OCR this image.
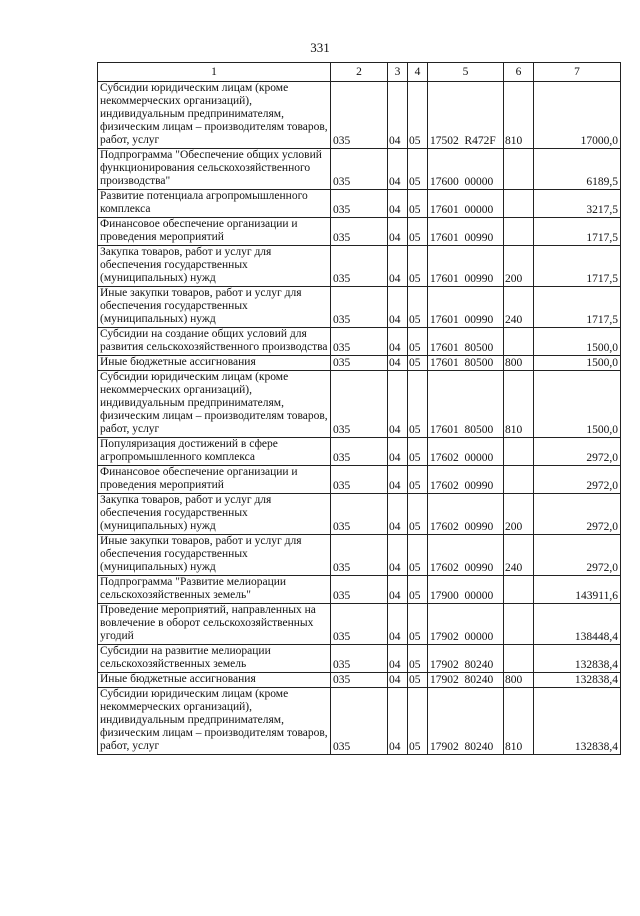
331
1	2	3	4	5	6	7
Субсидии юридическим лицам (кроме некоммерческих организаций), индивидуальным предпринимателям, физическим лицам – производителям товаров, работ, услуг	035	04	05	17502 R472F	810	17000,0
Подпрограмма "Обеспечение общих условий функционирования сельскохозяйственного производства"	035	04	05	17600 00000		6189,5
Развитие потенциала агропромышленного комплекса	035	04	05	17601 00000		3217,5
Финансовое обеспечение организации и проведения мероприятий	035	04	05	17601 00990		1717,5
Закупка товаров, работ и услуг для обеспечения государственных (муниципальных) нужд	035	04	05	17601 00990	200	1717,5
Иные закупки товаров, работ и услуг для обеспечения государственных (муниципальных) нужд	035	04	05	17601 00990	240	1717,5
Субсидии на создание общих условий для развития сельскохозяйственного производства	035	04	05	17601 80500		1500,0
Иные бюджетные ассигнования	035	04	05	17601 80500	800	1500,0
Субсидии юридическим лицам (кроме некоммерческих организаций), индивидуальным предпринимателям, физическим лицам – производителям товаров, работ, услуг	035	04	05	17601 80500	810	1500,0
Популяризация достижений в сфере агропромышленного комплекса	035	04	05	17602 00000		2972,0
Финансовое обеспечение организации и проведения мероприятий	035	04	05	17602 00990		2972,0
Закупка товаров, работ и услуг для обеспечения государственных (муниципальных) нужд	035	04	05	17602 00990	200	2972,0
Иные закупки товаров, работ и услуг для обеспечения государственных (муниципальных) нужд	035	04	05	17602 00990	240	2972,0
Подпрограмма "Развитие мелиорации сельскохозяйственных земель"	035	04	05	17900 00000		143911,6
Проведение мероприятий, направленных на вовлечение в оборот сельскохозяйственных угодий	035	04	05	17902 00000		138448,4
Субсидии на развитие мелиорации сельскохозяйственных земель	035	04	05	17902 80240		132838,4
Иные бюджетные ассигнования	035	04	05	17902 80240	800	132838,4
Субсидии юридическим лицам (кроме некоммерческих организаций), индивидуальным предпринимателям, физическим лицам – производителям товаров, работ, услуг	035	04	05	17902 80240	810	132838,4
